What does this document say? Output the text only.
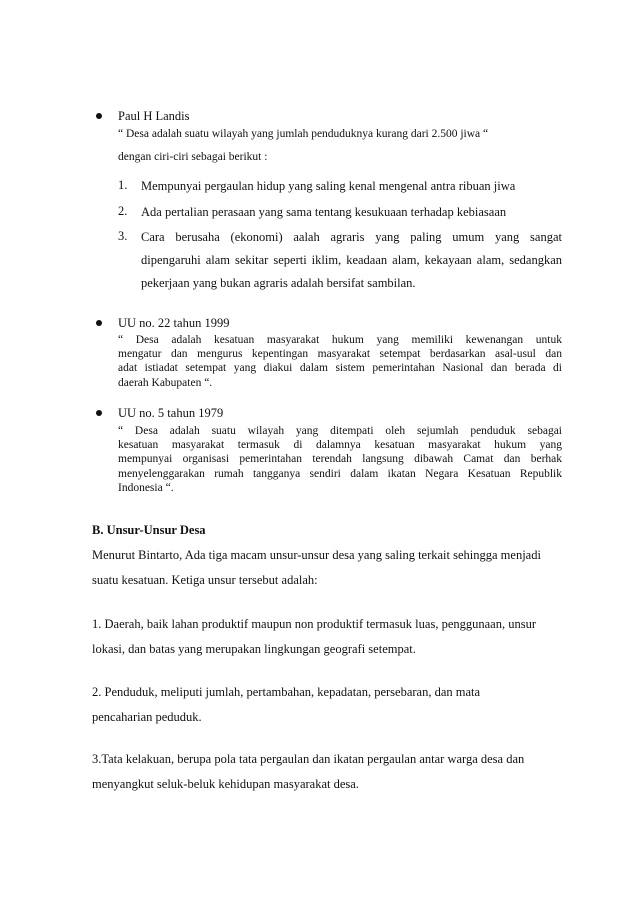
Paul H Landis
“ Desa adalah suatu wilayah yang jumlah penduduknya kurang dari 2.500 jiwa “
dengan ciri-ciri sebagai berikut :
1. Mempunyai pergaulan hidup yang saling kenal mengenal antra ribuan jiwa
2. Ada pertalian perasaan yang sama tentang kesukuaan terhadap kebiasaan
3. Cara berusaha (ekonomi) aalah agraris yang paling umum yang sangat
dipengaruhi alam sekitar seperti iklim, keadaan alam, kekayaan alam, sedangkan
pekerjaan yang bukan agraris adalah bersifat sambilan.
UU no. 22 tahun 1999
“ Desa adalah kesatuan masyarakat hukum yang memiliki kewenangan untuk
mengatur dan mengurus kepentingan masyarakat setempat berdasarkan asal-usul dan
adat istiadat setempat yang diakui dalam sistem pemerintahan Nasional dan berada di
daerah Kabupaten “.
UU no. 5 tahun 1979
“ Desa adalah suatu wilayah yang ditempati oleh sejumlah penduduk sebagai
kesatuan masyarakat termasuk di dalamnya kesatuan masyarakat hukum yang
mempunyai organisasi pemerintahan terendah langsung dibawah Camat dan berhak
menyelenggarakan rumah tangganya sendiri dalam ikatan Negara Kesatuan Republik
Indonesia “.
B. Unsur-Unsur Desa
Menurut Bintarto, Ada tiga macam unsur-unsur desa yang saling terkait sehingga menjadi
suatu kesatuan. Ketiga unsur tersebut adalah:
1. Daerah, baik lahan produktif maupun non produktif termasuk luas, penggunaan, unsur
lokasi, dan batas yang merupakan lingkungan geografi setempat.
2. Penduduk, meliputi jumlah, pertambahan, kepadatan, persebaran, dan mata
pencaharian peduduk.
3.Tata kelakuan, berupa pola tata pergaulan dan ikatan pergaulan antar warga desa dan
menyangkut seluk-beluk kehidupan masyarakat desa.
